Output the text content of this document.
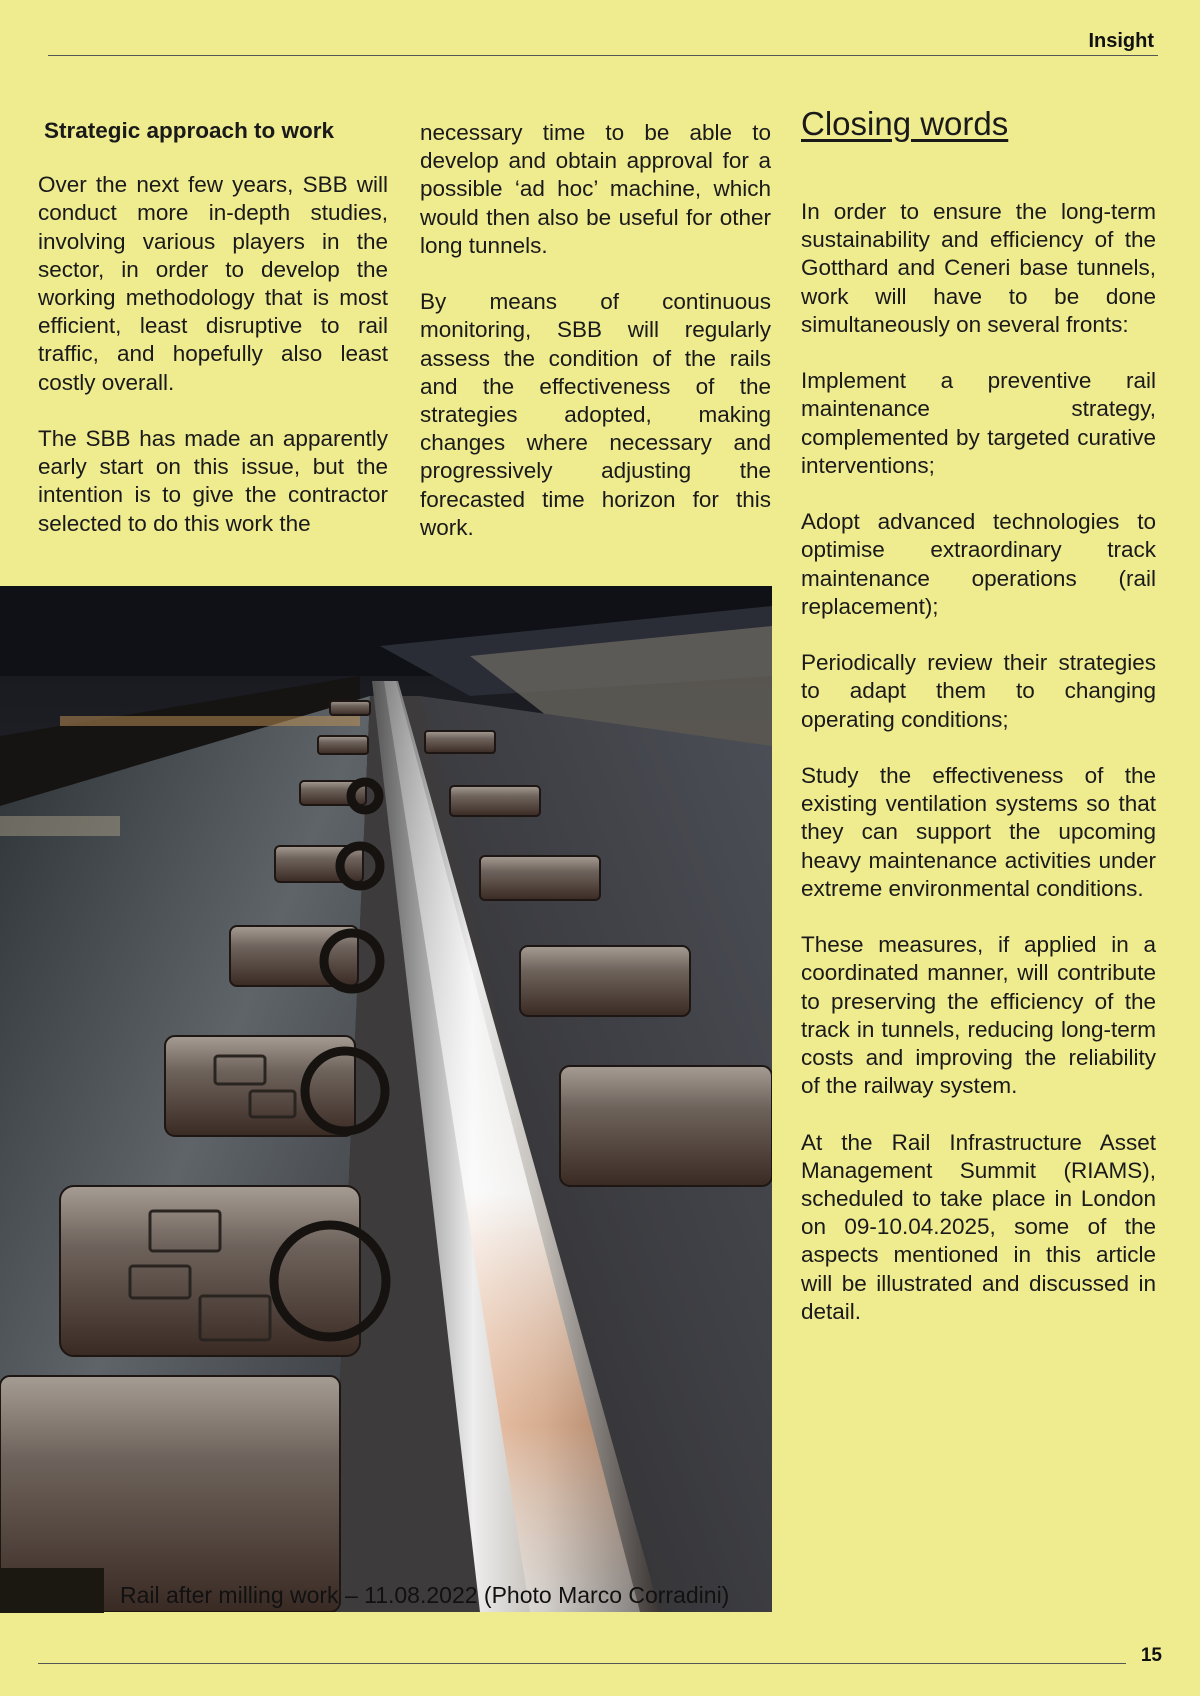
Insight

Strategic approach to work

Over the next few years, SBB will conduct more in-depth studies, involving various players in the sector, in order to develop the working methodology that is most efficient, least disruptive to rail traffic, and hopefully also least costly overall.

The SBB has made an apparently early start on this issue, but the intention is to give the contractor selected to do this work the

necessary time to be able to develop and obtain approval for a possible ‘ad hoc’ machine, which would then also be useful for other long tunnels.

By means of continuous monitoring, SBB will regularly assess the condition of the rails and the effectiveness of the strategies adopted, making changes where necessary and progressively adjusting the forecasted time horizon for this work.

Closing words

In order to ensure the long-term sustainability and efficiency of the Gotthard and Ceneri base tunnels, work will have to be done simultaneously on several fronts:

Implement a preventive rail maintenance strategy, complemented by targeted curative interventions;

Adopt advanced technologies to optimise extraordinary track maintenance operations (rail replacement);

Periodically review their strategies to adapt them to changing operating conditions;

Study the effectiveness of the existing ventilation systems so that they can support the upcoming heavy maintenance activities under extreme environmental conditions.

These measures, if applied in a coordinated manner, will contribute to preserving the efficiency of the track in tunnels, reducing long-term costs and improving the reliability of the railway system.

At the Rail Infrastructure Asset Management Summit (RIAMS), scheduled to take place in London on 09-10.04.2025, some of the aspects mentioned in this article will be illustrated and discussed in detail.

Rail after milling work – 11.08.2022 (Photo Marco Corradini)
15
